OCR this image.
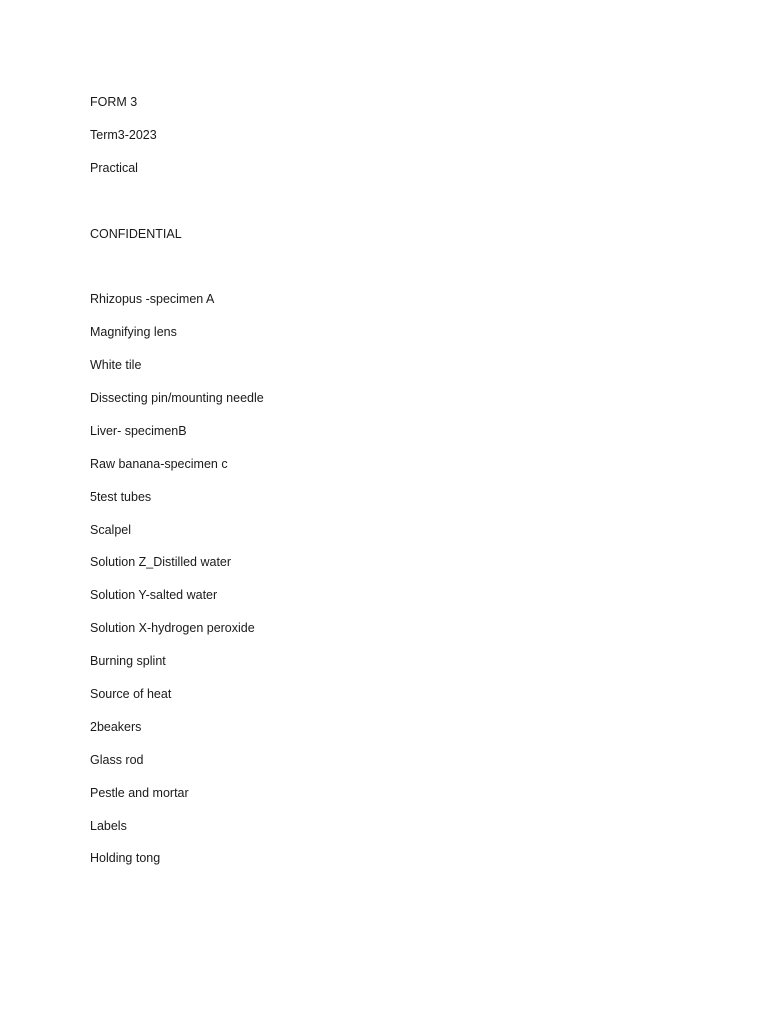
FORM 3
Term3-2023
Practical
CONFIDENTIAL
Rhizopus -specimen A
Magnifying lens
White tile
Dissecting pin/mounting needle
Liver- specimenB
Raw banana-specimen c
5test tubes
Scalpel
Solution Z_Distilled water
Solution Y-salted water
Solution X-hydrogen peroxide
Burning splint
Source of heat
2beakers
Glass rod
Pestle and mortar
Labels
Holding tong
